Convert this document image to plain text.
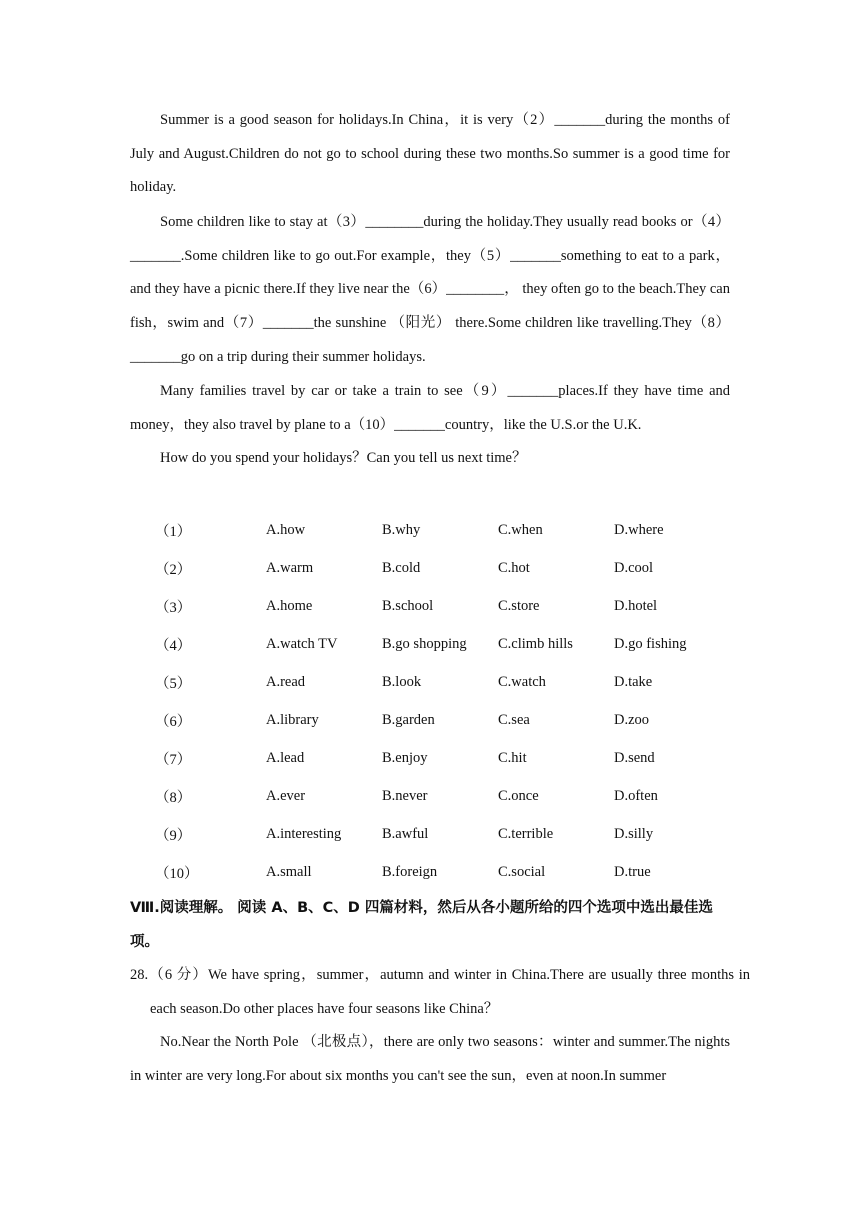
Summer is a good season for holidays.In China，it is very（2）_______during the months of July and August.Children do not go to school during these two months.So summer is a good time for holiday.

Some children like to stay at（3）________during the holiday.They usually read books or（4）_______.Some children like to go out.For example，they（5）_______something to eat to a park， and they have a picnic there.If they live near the（6）________， they often go to the beach.They can fish，swim and（7）_______the sunshine （阳光） there.Some children like travelling.They（8）_______go on a trip during their summer holidays.

Many families travel by car or take a train to see（9）_______places.If they have time and money，they also travel by plane to a（10）_______country，like the U.S.or the U.K.

How do you spend your holidays？Can you tell us next time？

（1）	A.how	B.why	C.when	D.where
（2）	A.warm	B.cold	C.hot	D.cool
（3）	A.home	B.school	C.store	D.hotel
（4）	A.watch TV	B.go shopping	C.climb hills	D.go fishing
（5）	A.read	B.look	C.watch	D.take
（6）	A.library	B.garden	C.sea	D.zoo
（7）	A.lead	B.enjoy	C.hit	D.send
（8）	A.ever	B.never	C.once	D.often
（9）	A.interesting	B.awful	C.terrible	D.silly
（10）	A.small	B.foreign	C.social	D.true

Ⅷ.阅读理解。 阅读 A、B、C、D 四篇材料，然后从各小题所给的四个选项中选出最佳选项。

28.（6 分）We have spring，summer，autumn and winter in China.There are usually three months in each season.Do other places have four seasons like China？

No.Near the North Pole （北极点），there are only two seasons：winter and summer.The nights in winter are very long.For about six months you can't see the sun，even at noon.In summer
